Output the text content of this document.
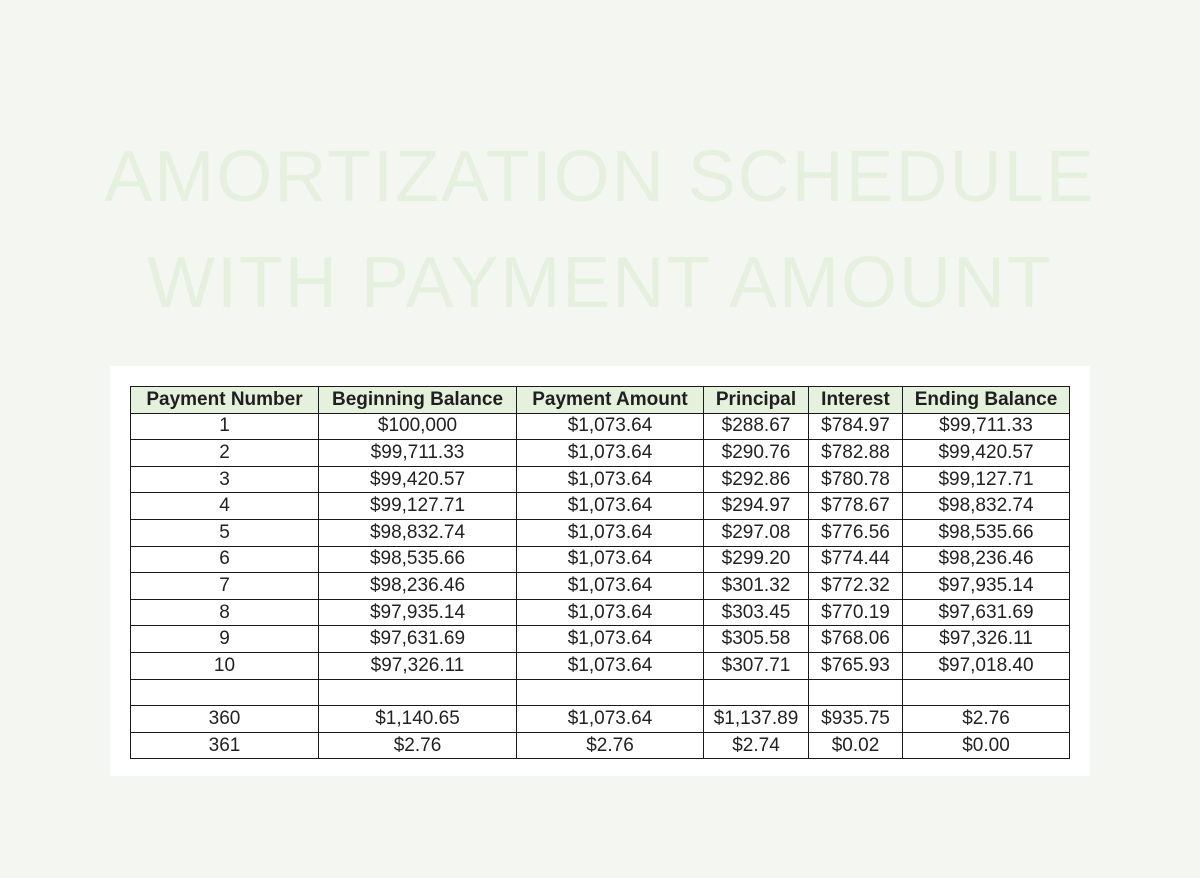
AMORTIZATION SCHEDULE
WITH PAYMENT AMOUNT
Payment Number	Beginning Balance	Payment Amount	Principal	Interest	Ending Balance
1	$100,000	$1,073.64	$288.67	$784.97	$99,711.33
2	$99,711.33	$1,073.64	$290.76	$782.88	$99,420.57
3	$99,420.57	$1,073.64	$292.86	$780.78	$99,127.71
4	$99,127.71	$1,073.64	$294.97	$778.67	$98,832.74
5	$98,832.74	$1,073.64	$297.08	$776.56	$98,535.66
6	$98,535.66	$1,073.64	$299.20	$774.44	$98,236.46
7	$98,236.46	$1,073.64	$301.32	$772.32	$97,935.14
8	$97,935.14	$1,073.64	$303.45	$770.19	$97,631.69
9	$97,631.69	$1,073.64	$305.58	$768.06	$97,326.11
10	$97,326.11	$1,073.64	$307.71	$765.93	$97,018.40

360	$1,140.65	$1,073.64	$1,137.89	$935.75	$2.76
361	$2.76	$2.76	$2.74	$0.02	$0.00
